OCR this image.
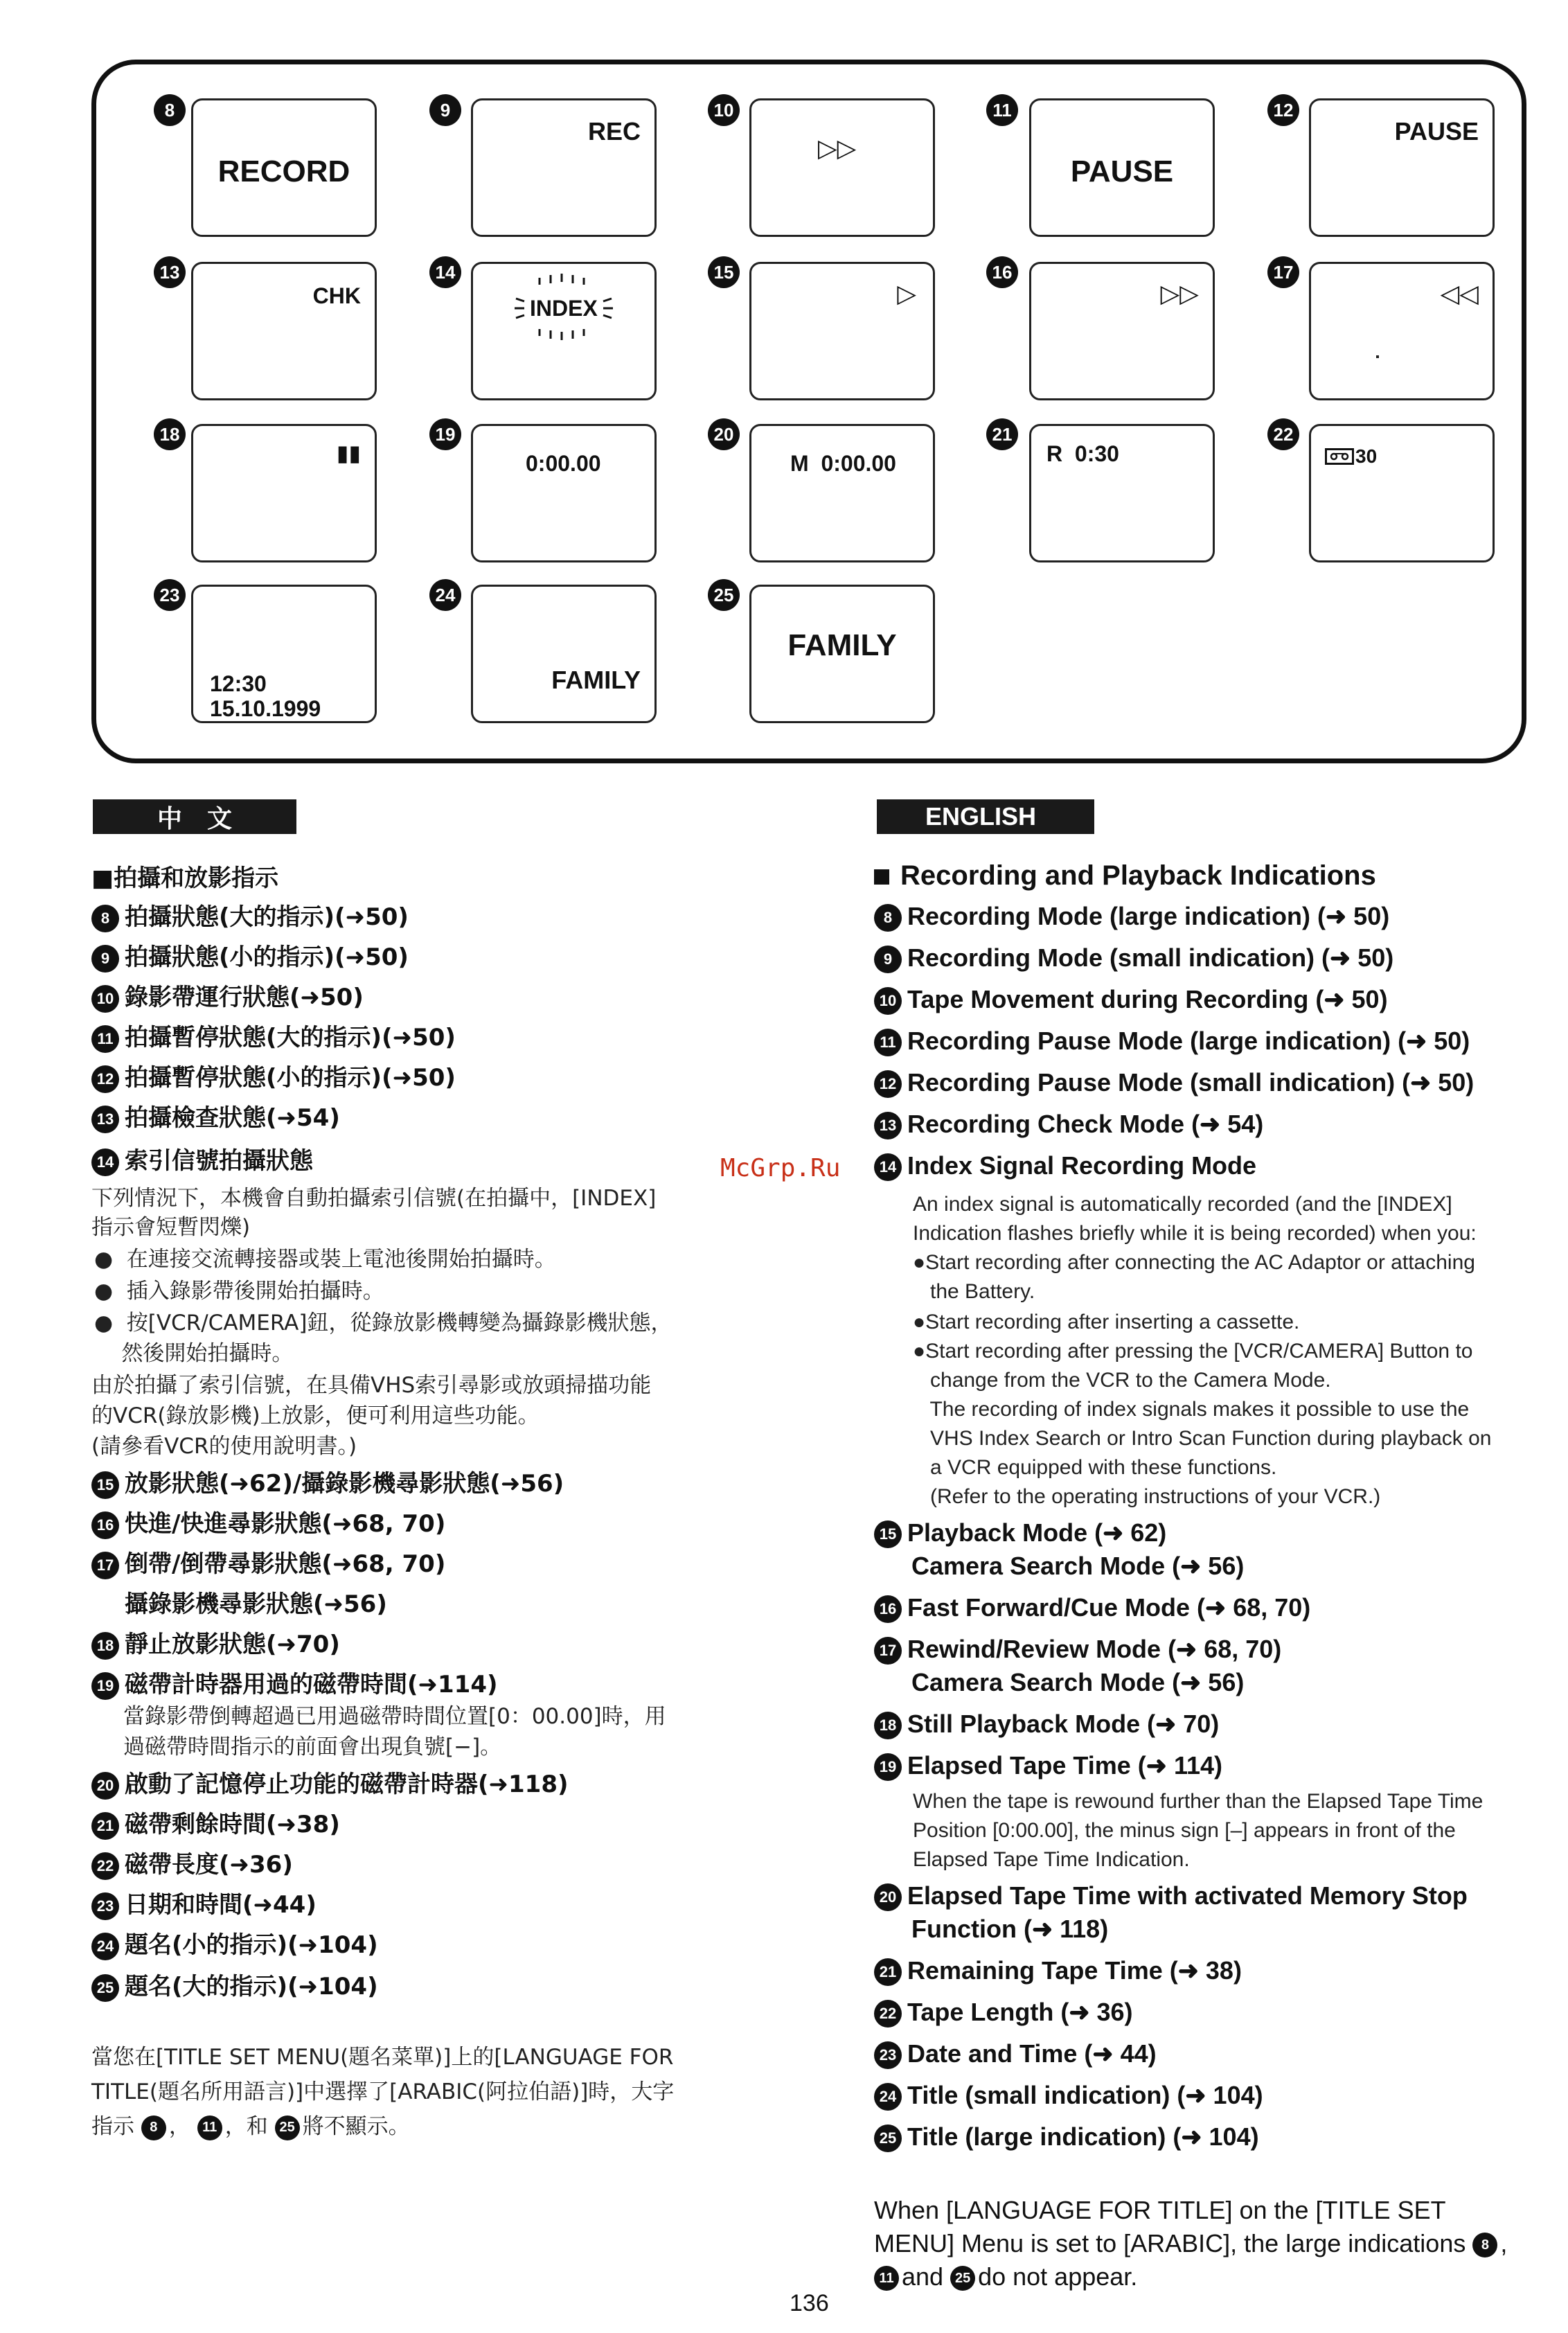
8
RECORD
9
REC
10
▷▷
11
PAUSE
12
PAUSE
13
CHK
14
INDEX
15
▷
16
▷▷
17
◁◁
18
▮▮
19
0:00.00
20
M  0:00.00
21
R  0:30
22
30
23
12:30
15.10.1999
24
FAMILY
25
FAMILY
中　文
■拍攝和放影指示
8 拍攝狀態(大的指示)(➜50)
9 拍攝狀態(小的指示)(➜50)
10 錄影帶運行狀態(➜50)
11 拍攝暫停狀態(大的指示)(➜50)
12 拍攝暫停狀態(小的指示)(➜50)
13 拍攝檢查狀態(➜54)
14 索引信號拍攝狀態
下列情況下，本機會自動拍攝索引信號(在拍攝中，[INDEX]
指示會短暫閃爍)
●  在連接交流轉接器或裝上電池後開始拍攝時。
●  插入錄影帶後開始拍攝時。
●  按[VCR/CAMERA]鈕，從錄放影機轉變為攝錄影機狀態，
然後開始拍攝時。
由於拍攝了索引信號，在具備VHS索引尋影或放頭掃描功能
的VCR(錄放影機)上放影，便可利用這些功能。
(請參看VCR的使用說明書。)
15 放影狀態(➜62)/攝錄影機尋影狀態(➜56)
16 快進/快進尋影狀態(➜68, 70)
17 倒帶/倒帶尋影狀態(➜68, 70)
攝錄影機尋影狀態(➜56)
18 靜止放影狀態(➜70)
19 磁帶計時器用過的磁帶時間(➜114)
當錄影帶倒轉超過已用過磁帶時間位置[0：00.00]時，用
過磁帶時間指示的前面會出現負號[−]。
20 啟動了記憶停止功能的磁帶計時器(➜118)
21 磁帶剩餘時間(➜38)
22 磁帶長度(➜36)
23 日期和時間(➜44)
24 題名(小的指示)(➜104)
25 題名(大的指示)(➜104)
當您在[TITLE SET MENU(題名菜單)]上的[LANGUAGE FOR
TITLE(題名所用語言)]中選擇了[ARABIC(阿拉伯語)]時，大字
指示 8 ， 11 ，和 25 將不顯示。
McGrp.Ru
ENGLISH
Recording and Playback Indications
8 Recording Mode (large indication) (➜ 50)
9 Recording Mode (small indication) (➜ 50)
10 Tape Movement during Recording (➜ 50)
11 Recording Pause Mode (large indication) (➜ 50)
12 Recording Pause Mode (small indication) (➜ 50)
13 Recording Check Mode (➜ 54)
14 Index Signal Recording Mode
An index signal is automatically recorded (and the [INDEX]
Indication flashes briefly while it is being recorded) when you:
●Start recording after connecting the AC Adaptor or attaching
the Battery.
●Start recording after inserting a cassette.
●Start recording after pressing the [VCR/CAMERA] Button to
change from the VCR to the Camera Mode.
The recording of index signals makes it possible to use the
VHS Index Search or Intro Scan Function during playback on
a VCR equipped with these functions.
(Refer to the operating instructions of your VCR.)
15 Playback Mode (➜ 62)
Camera Search Mode (➜ 56)
16 Fast Forward/Cue Mode (➜ 68, 70)
17 Rewind/Review Mode (➜ 68, 70)
Camera Search Mode (➜ 56)
18 Still Playback Mode (➜ 70)
19 Elapsed Tape Time (➜ 114)
When the tape is rewound further than the Elapsed Tape Time
Position [0:00.00], the minus sign [–] appears in front of the
Elapsed Tape Time Indication.
20 Elapsed Tape Time with activated Memory Stop
Function (➜ 118)
21 Remaining Tape Time (➜ 38)
22 Tape Length (➜ 36)
23 Date and Time (➜ 44)
24 Title (small indication) (➜ 104)
25 Title (large indication) (➜ 104)
When [LANGUAGE FOR TITLE] on the [TITLE SET
MENU] Menu is set to [ARABIC], the large indications 8 ,
11 and 25 do not appear.
136
